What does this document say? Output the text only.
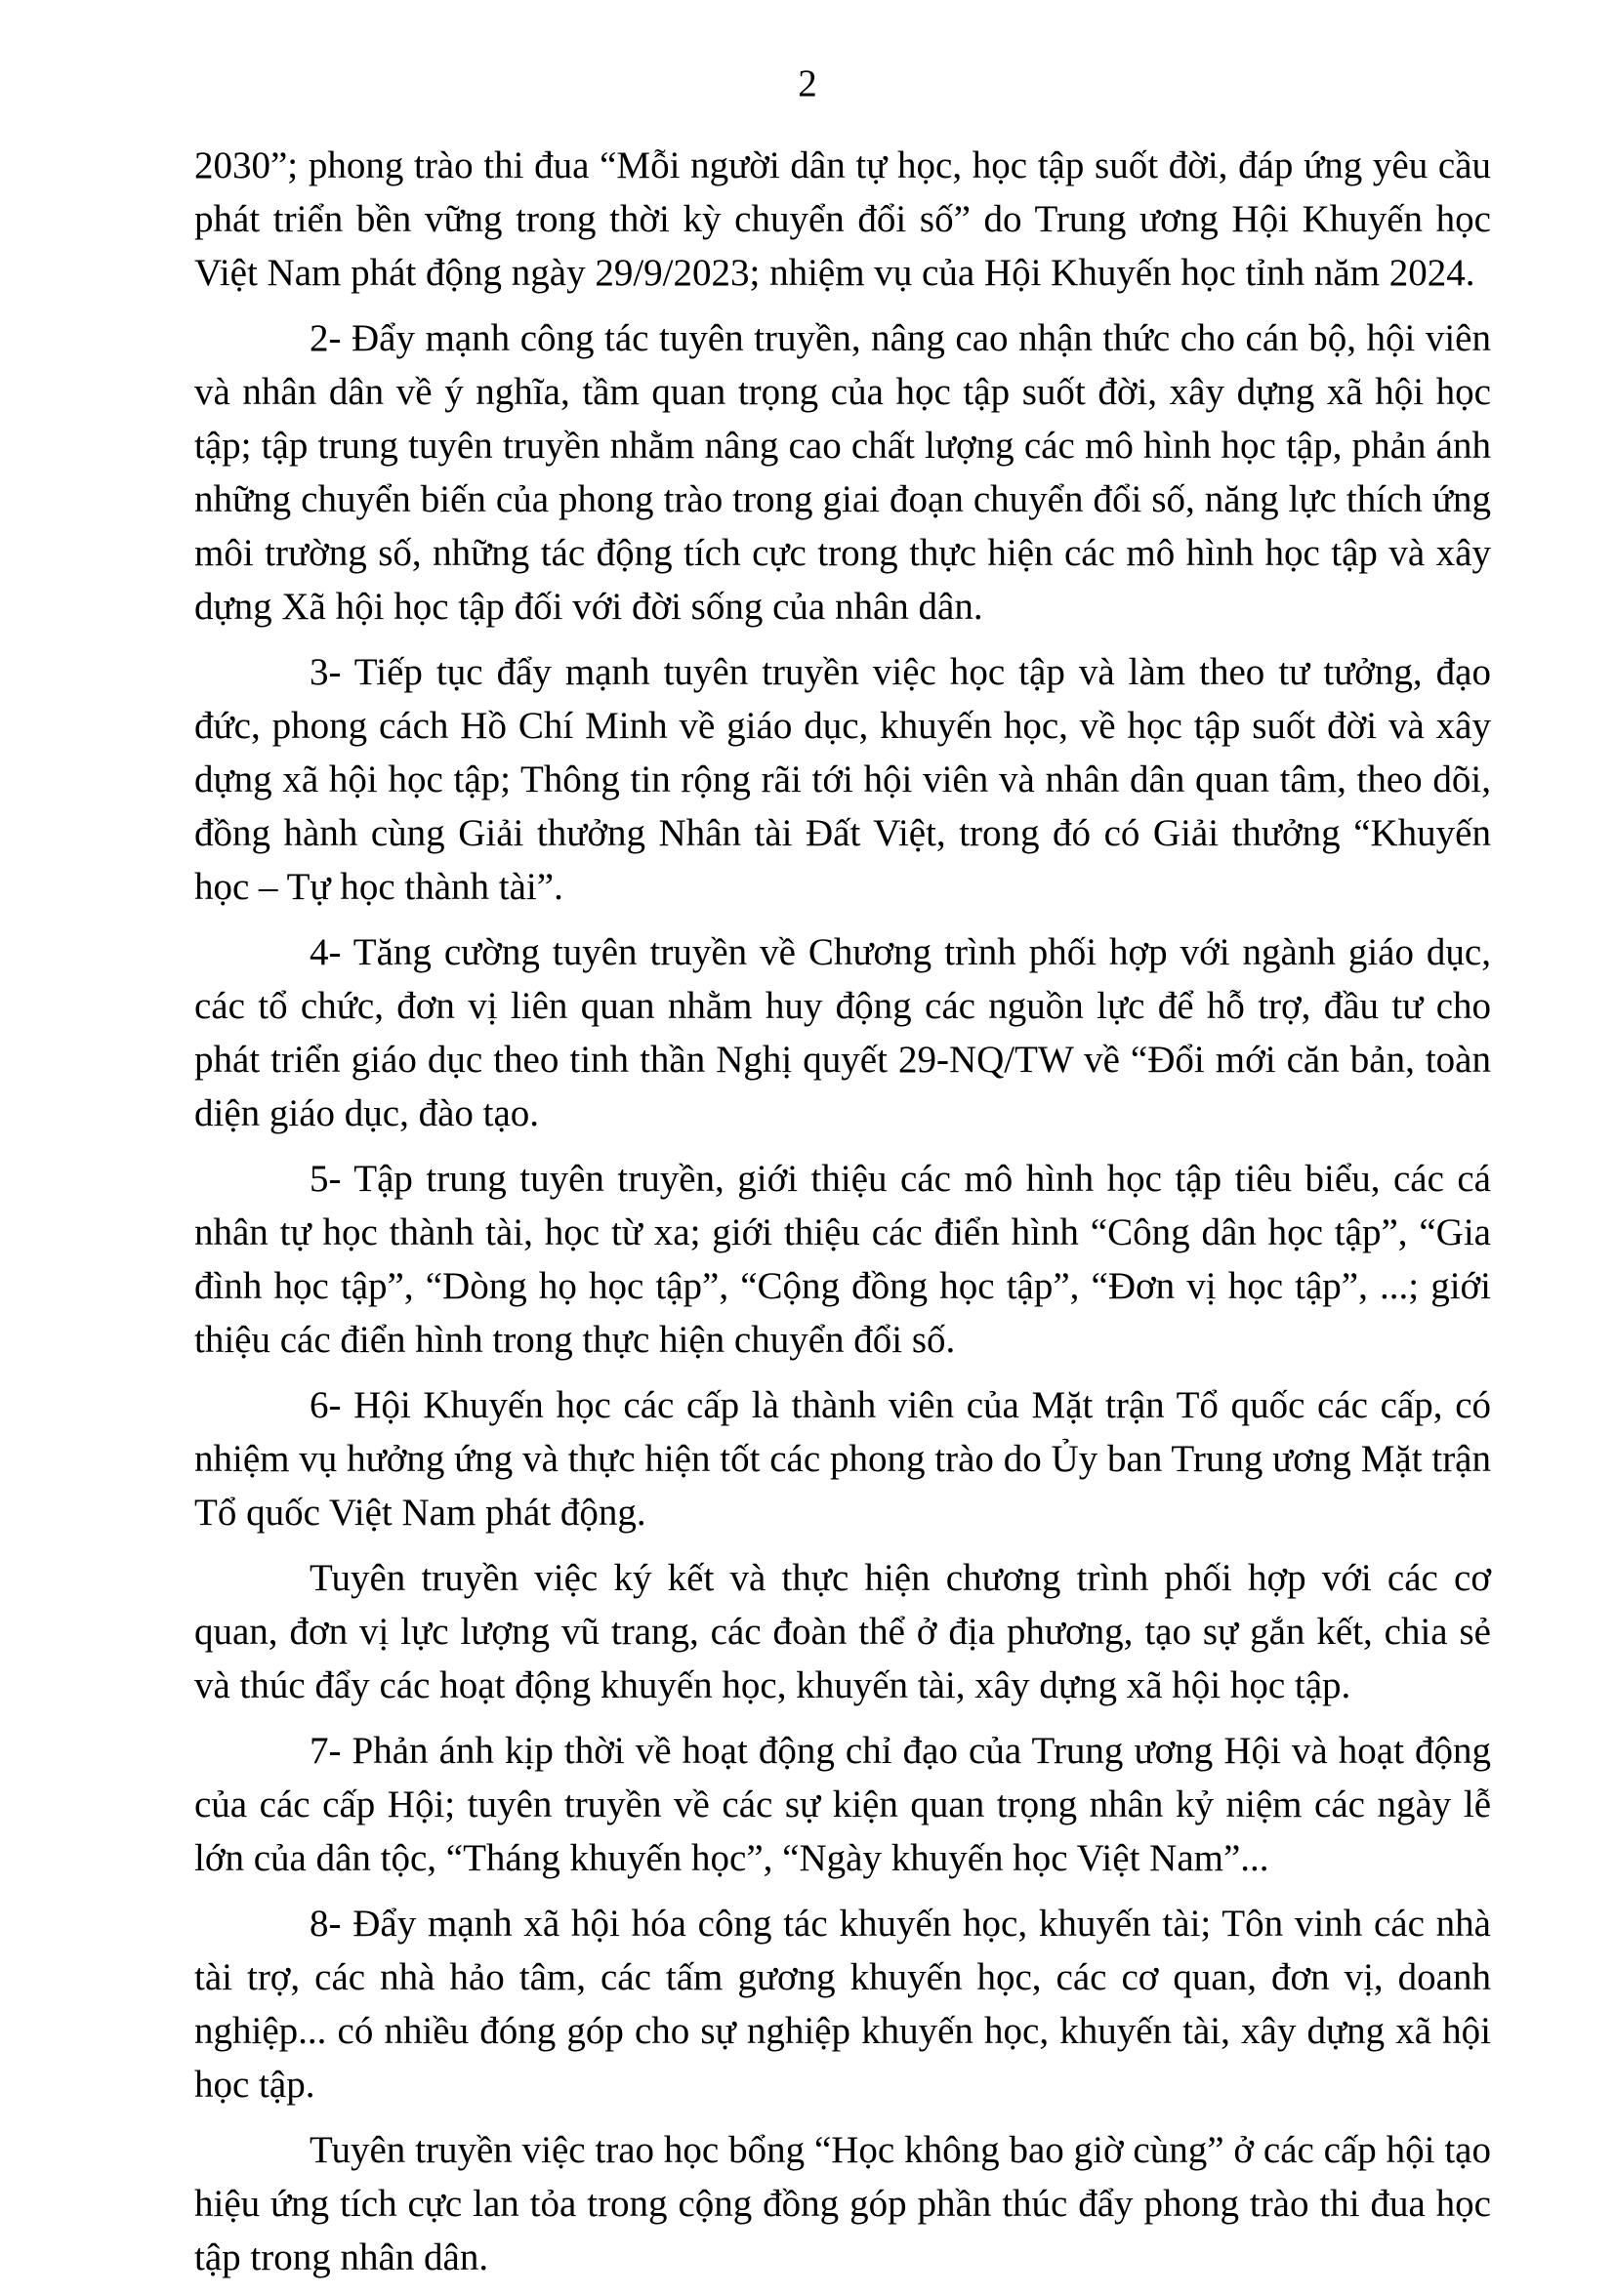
2

2030”; phong trào thi đua “Mỗi người dân tự học, học tập suốt đời, đáp ứng yêu cầu phát triển bền vững trong thời kỳ chuyển đổi số” do Trung ương Hội Khuyến học Việt Nam phát động ngày 29/9/2023; nhiệm vụ của Hội Khuyến học tỉnh năm 2024.

2- Đẩy mạnh công tác tuyên truyền, nâng cao nhận thức cho cán bộ, hội viên và nhân dân về ý nghĩa, tầm quan trọng của học tập suốt đời, xây dựng xã hội học tập; tập trung tuyên truyền nhằm nâng cao chất lượng các mô hình học tập, phản ánh những chuyển biến của phong trào trong giai đoạn chuyển đổi số, năng lực thích ứng môi trường số, những tác động tích cực trong thực hiện các mô hình học tập và xây dựng Xã hội học tập đối với đời sống của nhân dân.

3- Tiếp tục đẩy mạnh tuyên truyền việc học tập và làm theo tư tưởng, đạo đức, phong cách Hồ Chí Minh về giáo dục, khuyến học, về học tập suốt đời và xây dựng xã hội học tập; Thông tin rộng rãi tới hội viên và nhân dân quan tâm, theo dõi, đồng hành cùng Giải thưởng Nhân tài Đất Việt, trong đó có Giải thưởng “Khuyến học – Tự học thành tài”.

4- Tăng cường tuyên truyền về Chương trình phối hợp với ngành giáo dục, các tổ chức, đơn vị liên quan nhằm huy động các nguồn lực để hỗ trợ, đầu tư cho phát triển giáo dục theo tinh thần Nghị quyết 29-NQ/TW về “Đổi mới căn bản, toàn diện giáo dục, đào tạo.

5- Tập trung tuyên truyền, giới thiệu các mô hình học tập tiêu biểu, các cá nhân tự học thành tài, học từ xa; giới thiệu các điển hình “Công dân học tập”, “Gia đình học tập”, “Dòng họ học tập”, “Cộng đồng học tập”, “Đơn vị học tập”, ...; giới thiệu các điển hình trong thực hiện chuyển đổi số.

6- Hội Khuyến học các cấp là thành viên của Mặt trận Tổ quốc các cấp, có nhiệm vụ hưởng ứng và thực hiện tốt các phong trào do Ủy ban Trung ương Mặt trận Tổ quốc Việt Nam phát động.

Tuyên truyền việc ký kết và thực hiện chương trình phối hợp với các cơ quan, đơn vị lực lượng vũ trang, các đoàn thể ở địa phương, tạo sự gắn kết, chia sẻ và thúc đẩy các hoạt động khuyến học, khuyến tài, xây dựng xã hội học tập.

7- Phản ánh kịp thời về hoạt động chỉ đạo của Trung ương Hội và hoạt động của các cấp Hội; tuyên truyền về các sự kiện quan trọng nhân kỷ niệm các ngày lễ lớn của dân tộc, “Tháng khuyến học”, “Ngày khuyến học Việt Nam”...

8- Đẩy mạnh xã hội hóa công tác khuyến học, khuyến tài; Tôn vinh các nhà tài trợ, các nhà hảo tâm, các tấm gương khuyến học, các cơ quan, đơn vị, doanh nghiệp... có nhiều đóng góp cho sự nghiệp khuyến học, khuyến tài, xây dựng xã hội học tập.

Tuyên truyền việc trao học bổng “Học không bao giờ cùng” ở các cấp hội tạo hiệu ứng tích cực lan tỏa trong cộng đồng góp phần thúc đẩy phong trào thi đua học tập trong nhân dân.
